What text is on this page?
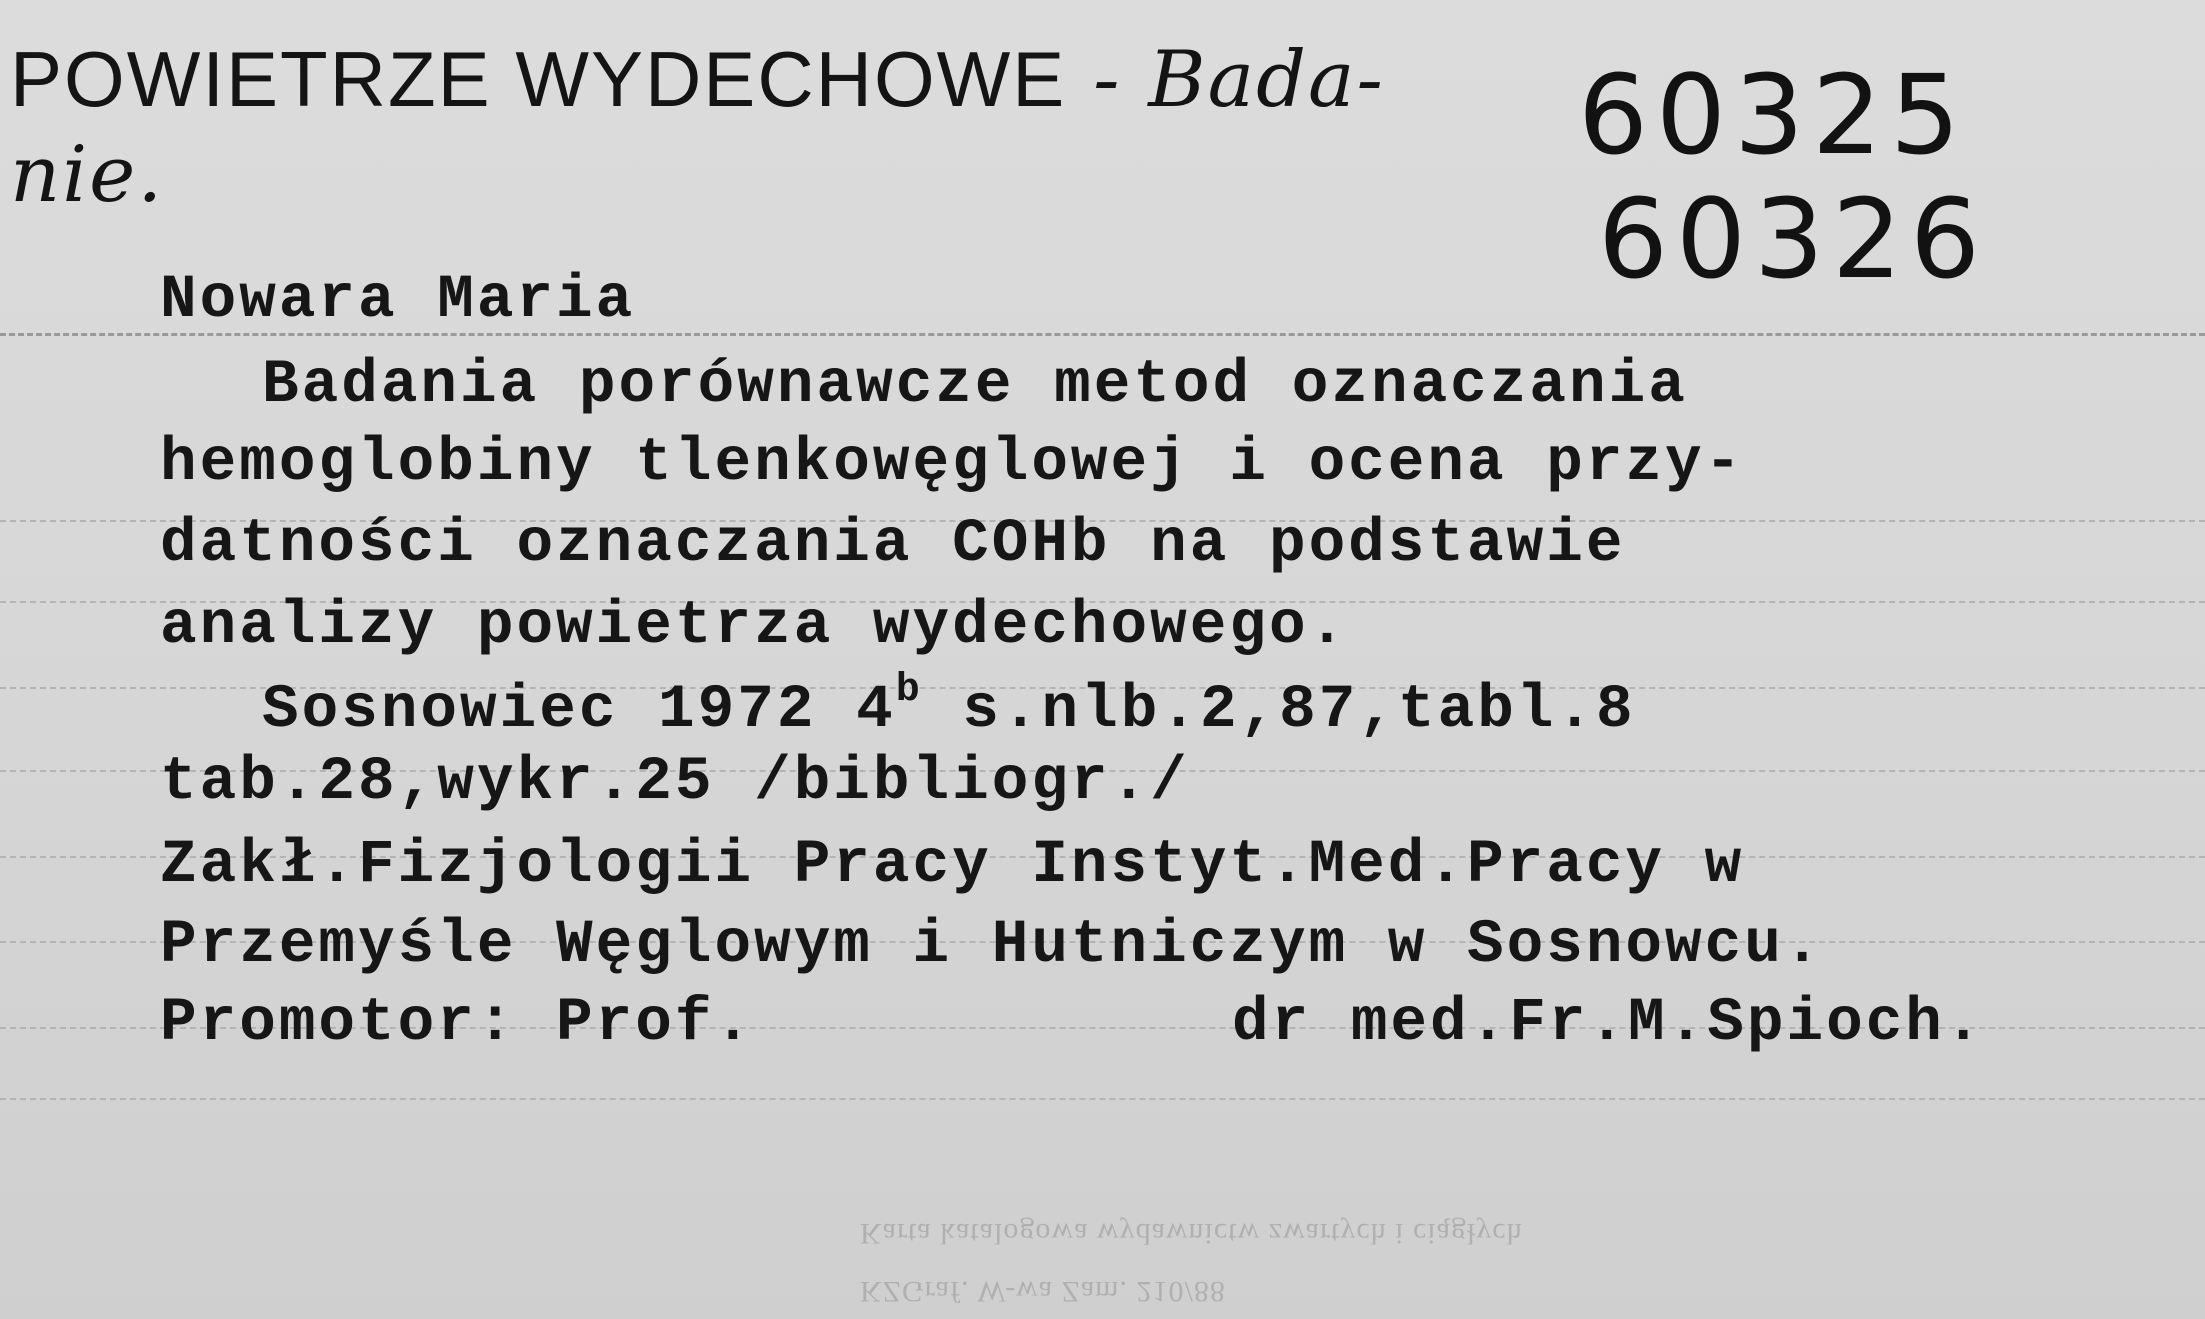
POWIETRZE WYDECHOWE - Bada-
nie.	60325
60326
Nowara Maria
Badania porównawcze metod oznaczania
hemoglobiny tlenkowęglowej i ocena przy-
datności oznaczania COHb na podstawie
analizy powietrza wydechowego.
Sosnowiec 1972 4$^b$ s.nlb.2,87,tabl.8
tab.28,wykr.25 /bibliogr./
Zakł.Fizjologii Pracy Instyt.Med.Pracy w
Przemyśle Węglowym i Hutniczym w Sosnowcu.
Promotor: Prof.	dr med.Fr.M.Spioch.
Karta katalogowa wydawnictw zwartych i ciągłych
KZGraf. W-wa Zam. 210/88
